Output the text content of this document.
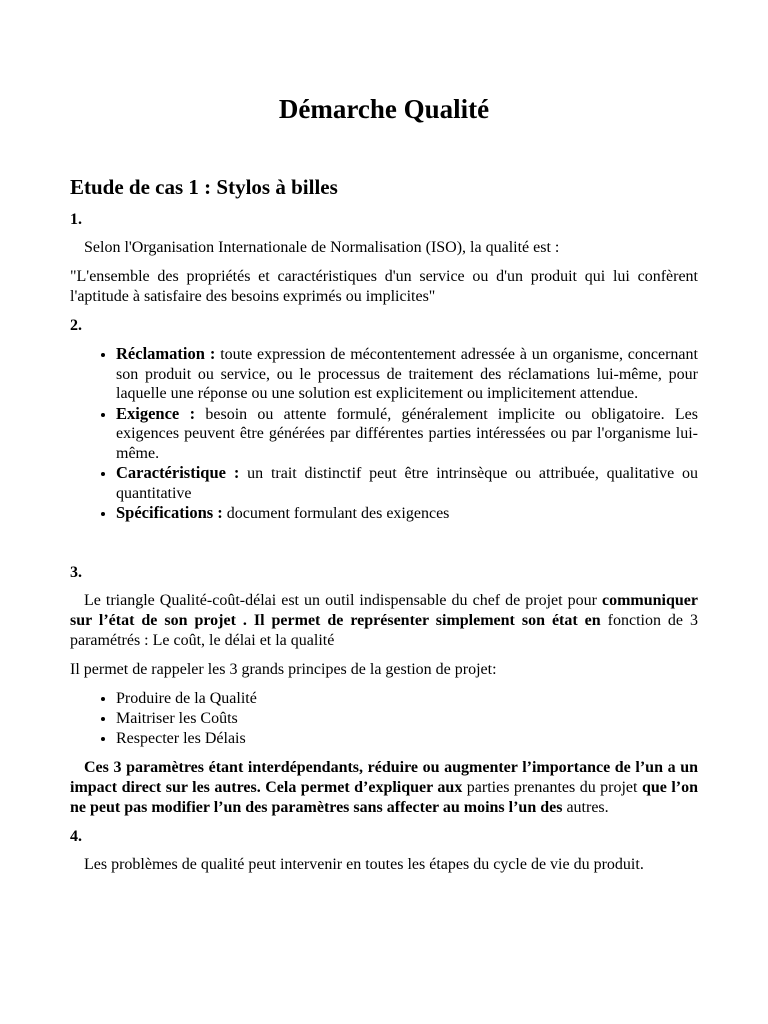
Démarche Qualité
Etude de cas 1 : Stylos à billes
1.

Selon l'Organisation Internationale de Normalisation (ISO), la qualité est :

"L'ensemble des propriétés et caractéristiques d'un service ou d'un produit qui lui confèrent l'aptitude à satisfaire des besoins exprimés ou implicites"

2.
• Réclamation : toute expression de mécontentement adressée à un organisme, concernant son produit ou service, ou le processus de traitement des réclamations lui-même, pour laquelle une réponse ou une solution est explicitement ou implicitement attendue.
• Exigence : besoin ou attente formulé, généralement implicite ou obligatoire. Les exigences peuvent être générées par différentes parties intéressées ou par l'organisme lui-même.
• Caractéristique : un trait distinctif peut être intrinsèque ou attribuée, qualitative ou quantitative
• Spécifications : document formulant des exigences
3.

Le triangle Qualité-coût-délai est un outil indispensable du chef de projet pour communiquer sur l’état de son projet . Il permet de représenter simplement son état en fonction de 3 paramétrés : Le coût, le délai et la qualité

Il permet de rappeler les 3 grands principes de la gestion de projet:

• Produire de la Qualité
• Maitriser les Coûts
• Respecter les Délais

Ces 3 paramètres étant interdépendants, réduire ou augmenter l’importance de l’un a un impact direct sur les autres. Cela permet d’expliquer aux parties prenantes du projet que l’on ne peut pas modifier l’un des paramètres sans affecter au moins l’un des autres.

4.

Les problèmes de qualité peut intervenir en toutes les étapes du cycle de vie du produit.
